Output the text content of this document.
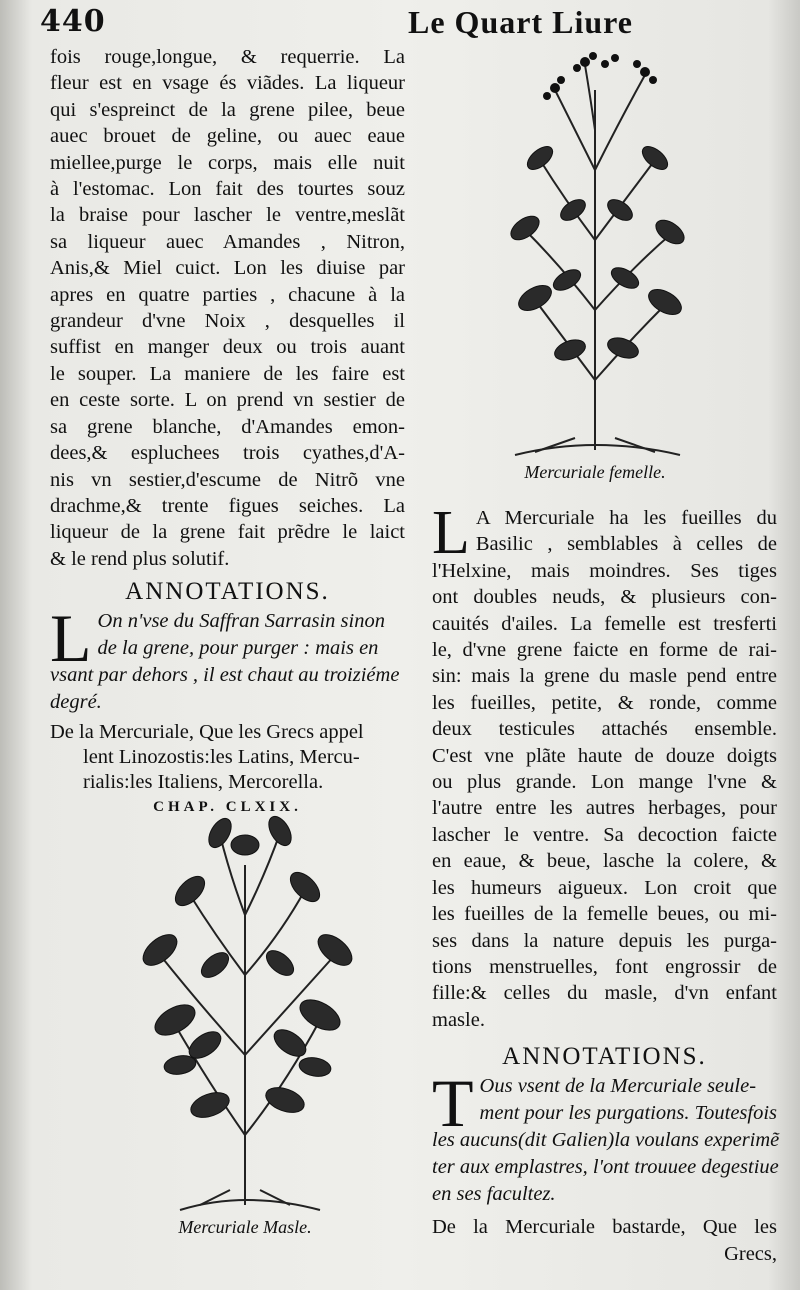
440	Le Quart Liure

fois rouge,longue, & requerrie. La

fleur est en vsage és viãdes. La liqueur

qui s'espreinct de la grene pilee, beue

auec brouet de geline, ou auec eaue

miellee,purge le corps, mais elle nuit

à l'estomac. Lon fait des tourtes souz

la braise pour lascher le ventre,meslãt

sa liqueur auec Amandes , Nitron,

Anis,& Miel cuict. Lon les diuise par

apres en quatre parties , chacune à la

grandeur d'vne Noix , desquelles il

suffist en manger deux ou trois auant

le souper. La maniere de les faire est

en ceste sorte. L on prend vn sestier de

sa grene blanche, d'Amandes emon-

dees,& espluchees trois cyathes,d'A-

nis vn sestier,d'escume de Nitrõ vne

drachme,& trente figues seiches. La

liqueur de la grene fait prẽdre le laict

& le rend plus solutif.

ANNOTATIONS.

L On n'vse du Saffran Sarrasin sinon

de la grene, pour purger : mais en

vsant par dehors , il est chaut au troiziéme

degré.

De la Mercuriale, Que les Grecs appel

lent Linozostis:les Latins, Mercu-

rialis:les Italiens, Mercorella.

CHAP. CLXIX.

Mercuriale Masle.
Mercuriale femelle.
L A Mercuriale ha les fueilles du

Basilic , semblables à celles de

l'Helxine, mais moindres. Ses tiges

ont doubles neuds, & plusieurs con-

cauités d'ailes. La femelle est tresferti

le, d'vne grene faicte en forme de rai-

sin: mais la grene du masle pend entre

les fueilles, petite, & ronde, comme

deux testicules attachés ensemble.

C'est vne plãte haute de douze doigts

ou plus grande. Lon mange l'vne &

l'autre entre les autres herbages, pour

lascher le ventre. Sa decoction faicte

en eaue, & beue, lasche la colere, &

les humeurs aigueux. Lon croit que

les fueilles de la femelle beues, ou mi-

ses dans la nature depuis les purga-

tions menstruelles, font engrossir de

fille:& celles du masle, d'vn enfant

masle.

ANNOTATIONS.

T Ous vsent de la Mercuriale seule-

ment pour les purgations. Toutesfois

les aucuns(dit Galien)la voulans experimẽ

ter aux emplastres, l'ont trouuee degestiue

en ses facultez.

De la Mercuriale bastarde, Que les

Grecs,
